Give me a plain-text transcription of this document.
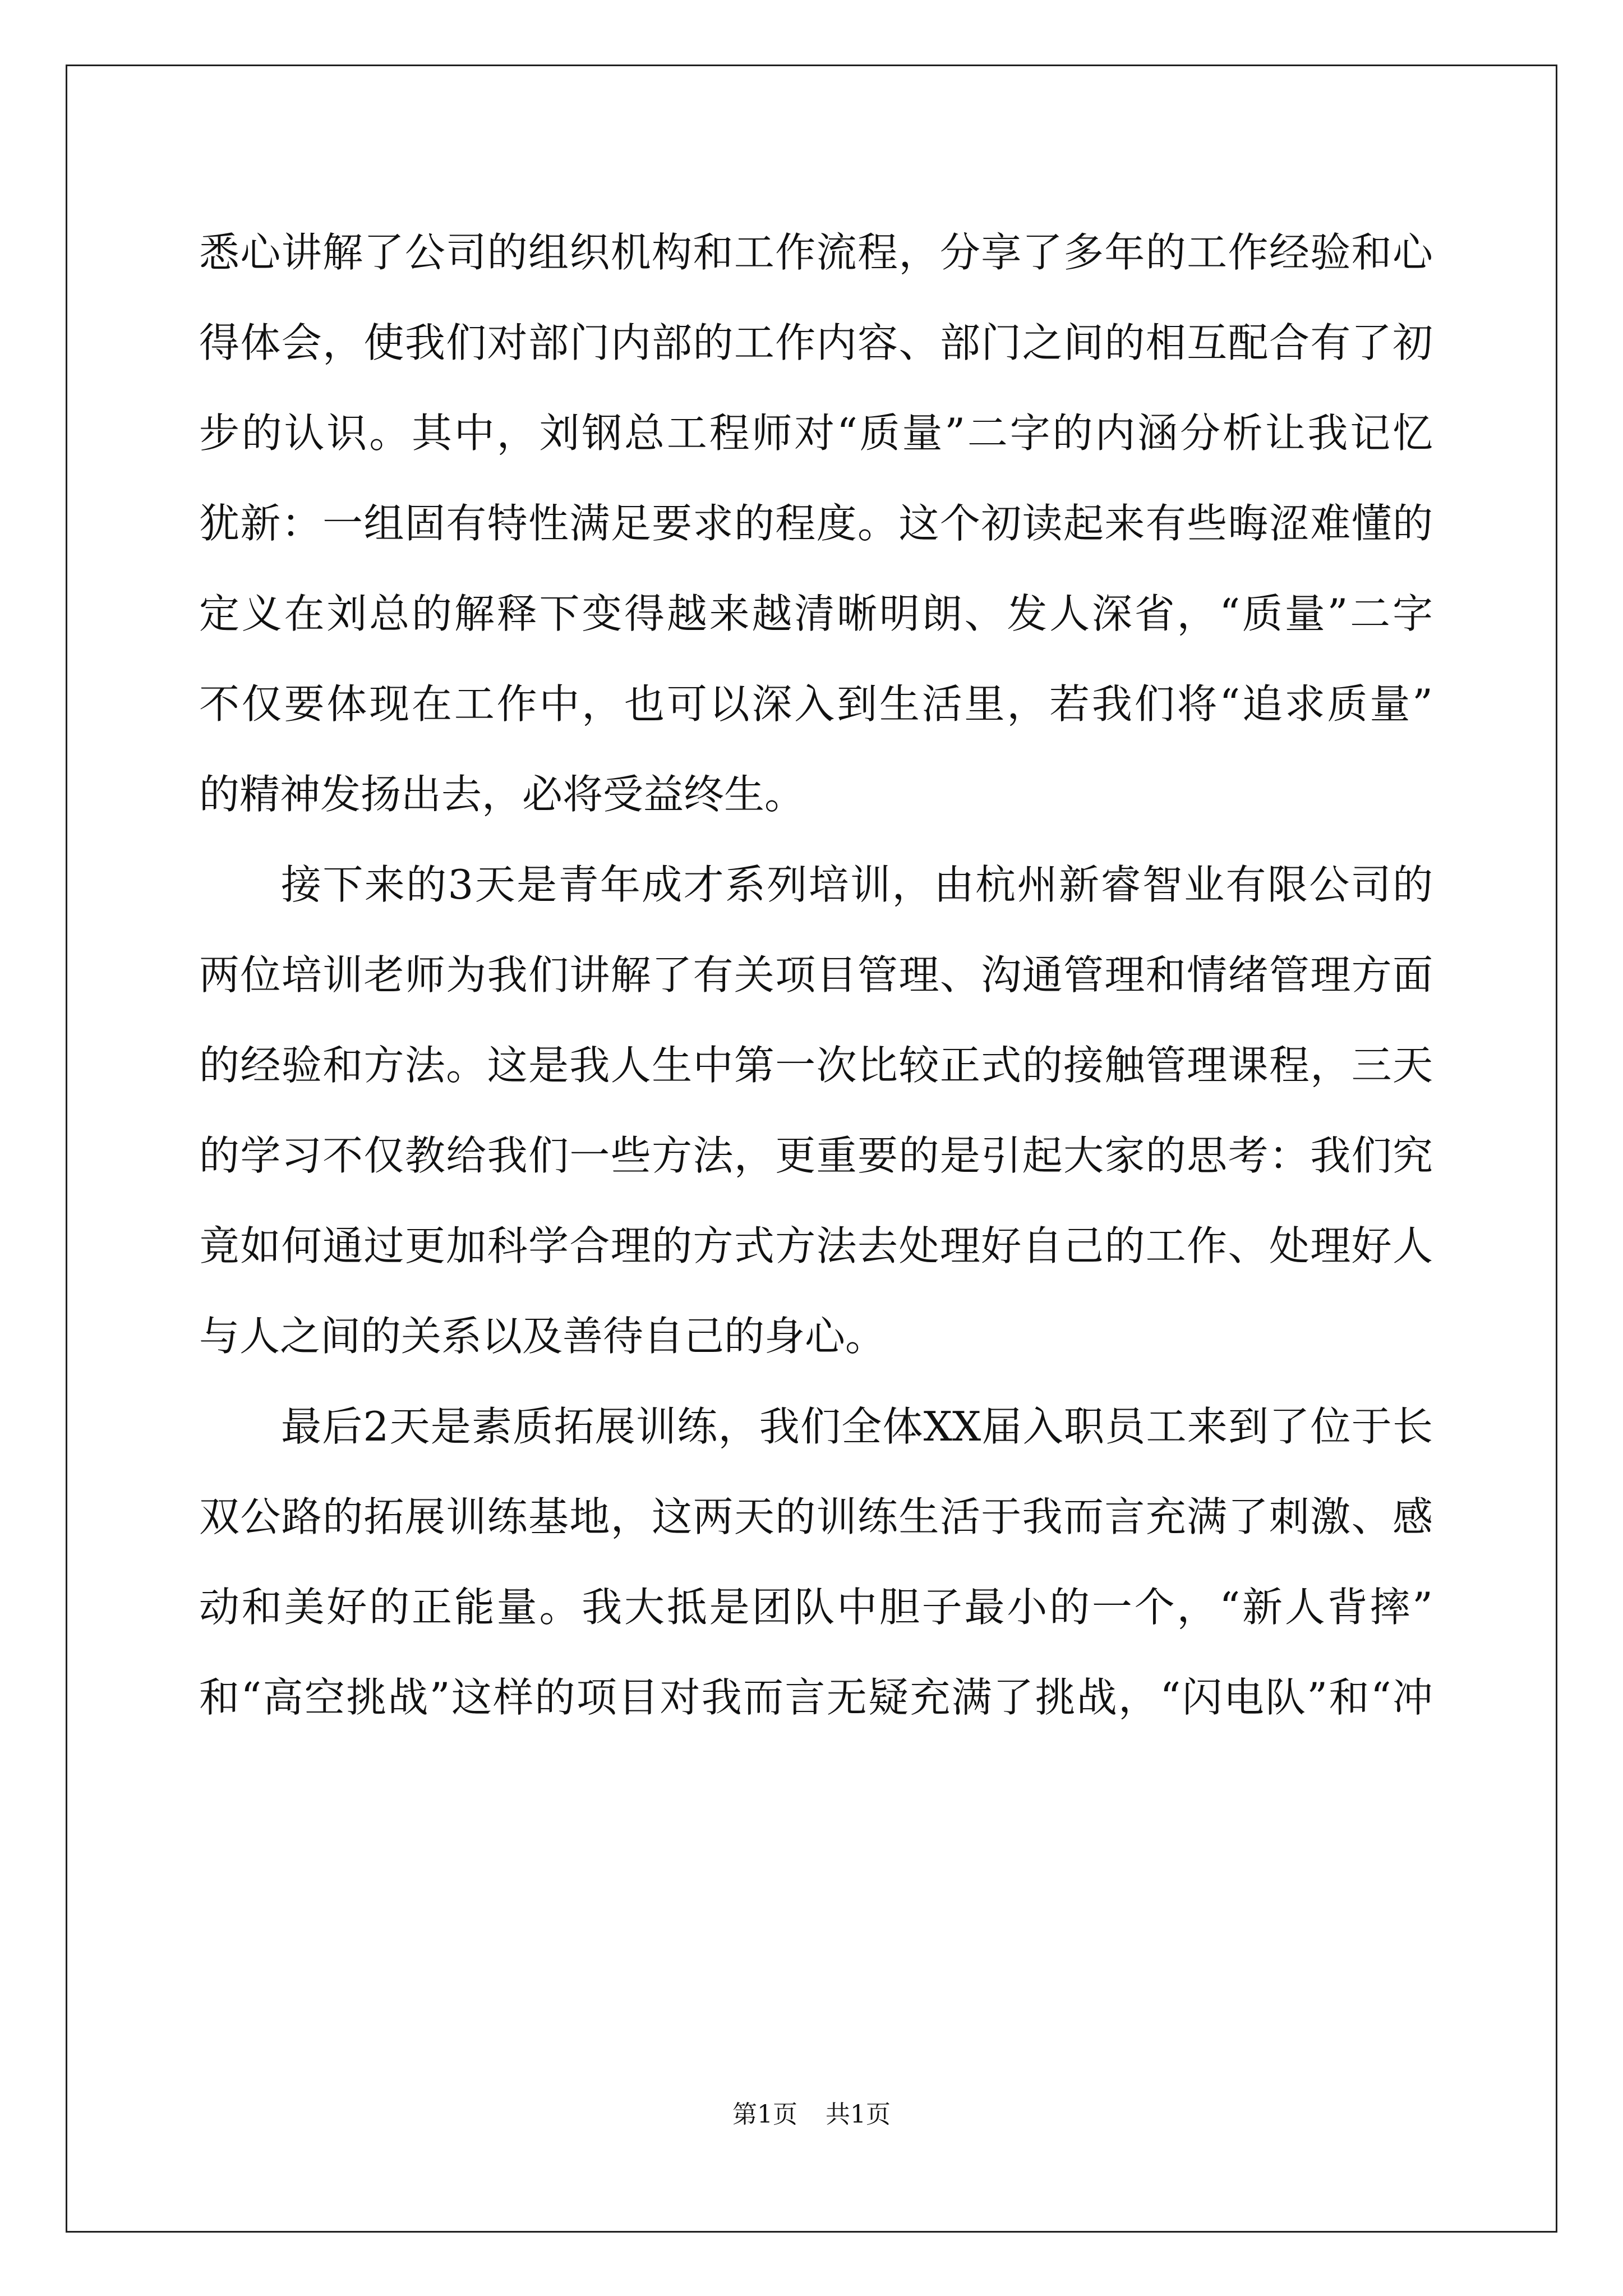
悉心讲解了公司的组织机构和工作流程，分享了多年的工作经验和心
得体会，使我们对部门内部的工作内容、部门之间的相互配合有了初
步的认识。其中，刘钢总工程师对“质量”二字的内涵分析让我记忆
犹新：一组固有特性满足要求的程度。这个初读起来有些晦涩难懂的
定义在刘总的解释下变得越来越清晰明朗、发人深省，“质量”二字
不仅要体现在工作中，也可以深入到生活里，若我们将“追求质量”
的精神发扬出去，必将受益终生。
接下来的3天是青年成才系列培训，由杭州新睿智业有限公司的
两位培训老师为我们讲解了有关项目管理、沟通管理和情绪管理方面
的经验和方法。这是我人生中第一次比较正式的接触管理课程，三天
的学习不仅教给我们一些方法，更重要的是引起大家的思考：我们究
竟如何通过更加科学合理的方式方法去处理好自己的工作、处理好人
与人之间的关系以及善待自己的身心。
最后2天是素质拓展训练，我们全体XX届入职员工来到了位于长
双公路的拓展训练基地，这两天的训练生活于我而言充满了刺激、感
动和美好的正能量。我大抵是团队中胆子最小的一个，“新人背摔”
和“高空挑战”这样的项目对我而言无疑充满了挑战，“闪电队”和“冲
第1页 共1页
